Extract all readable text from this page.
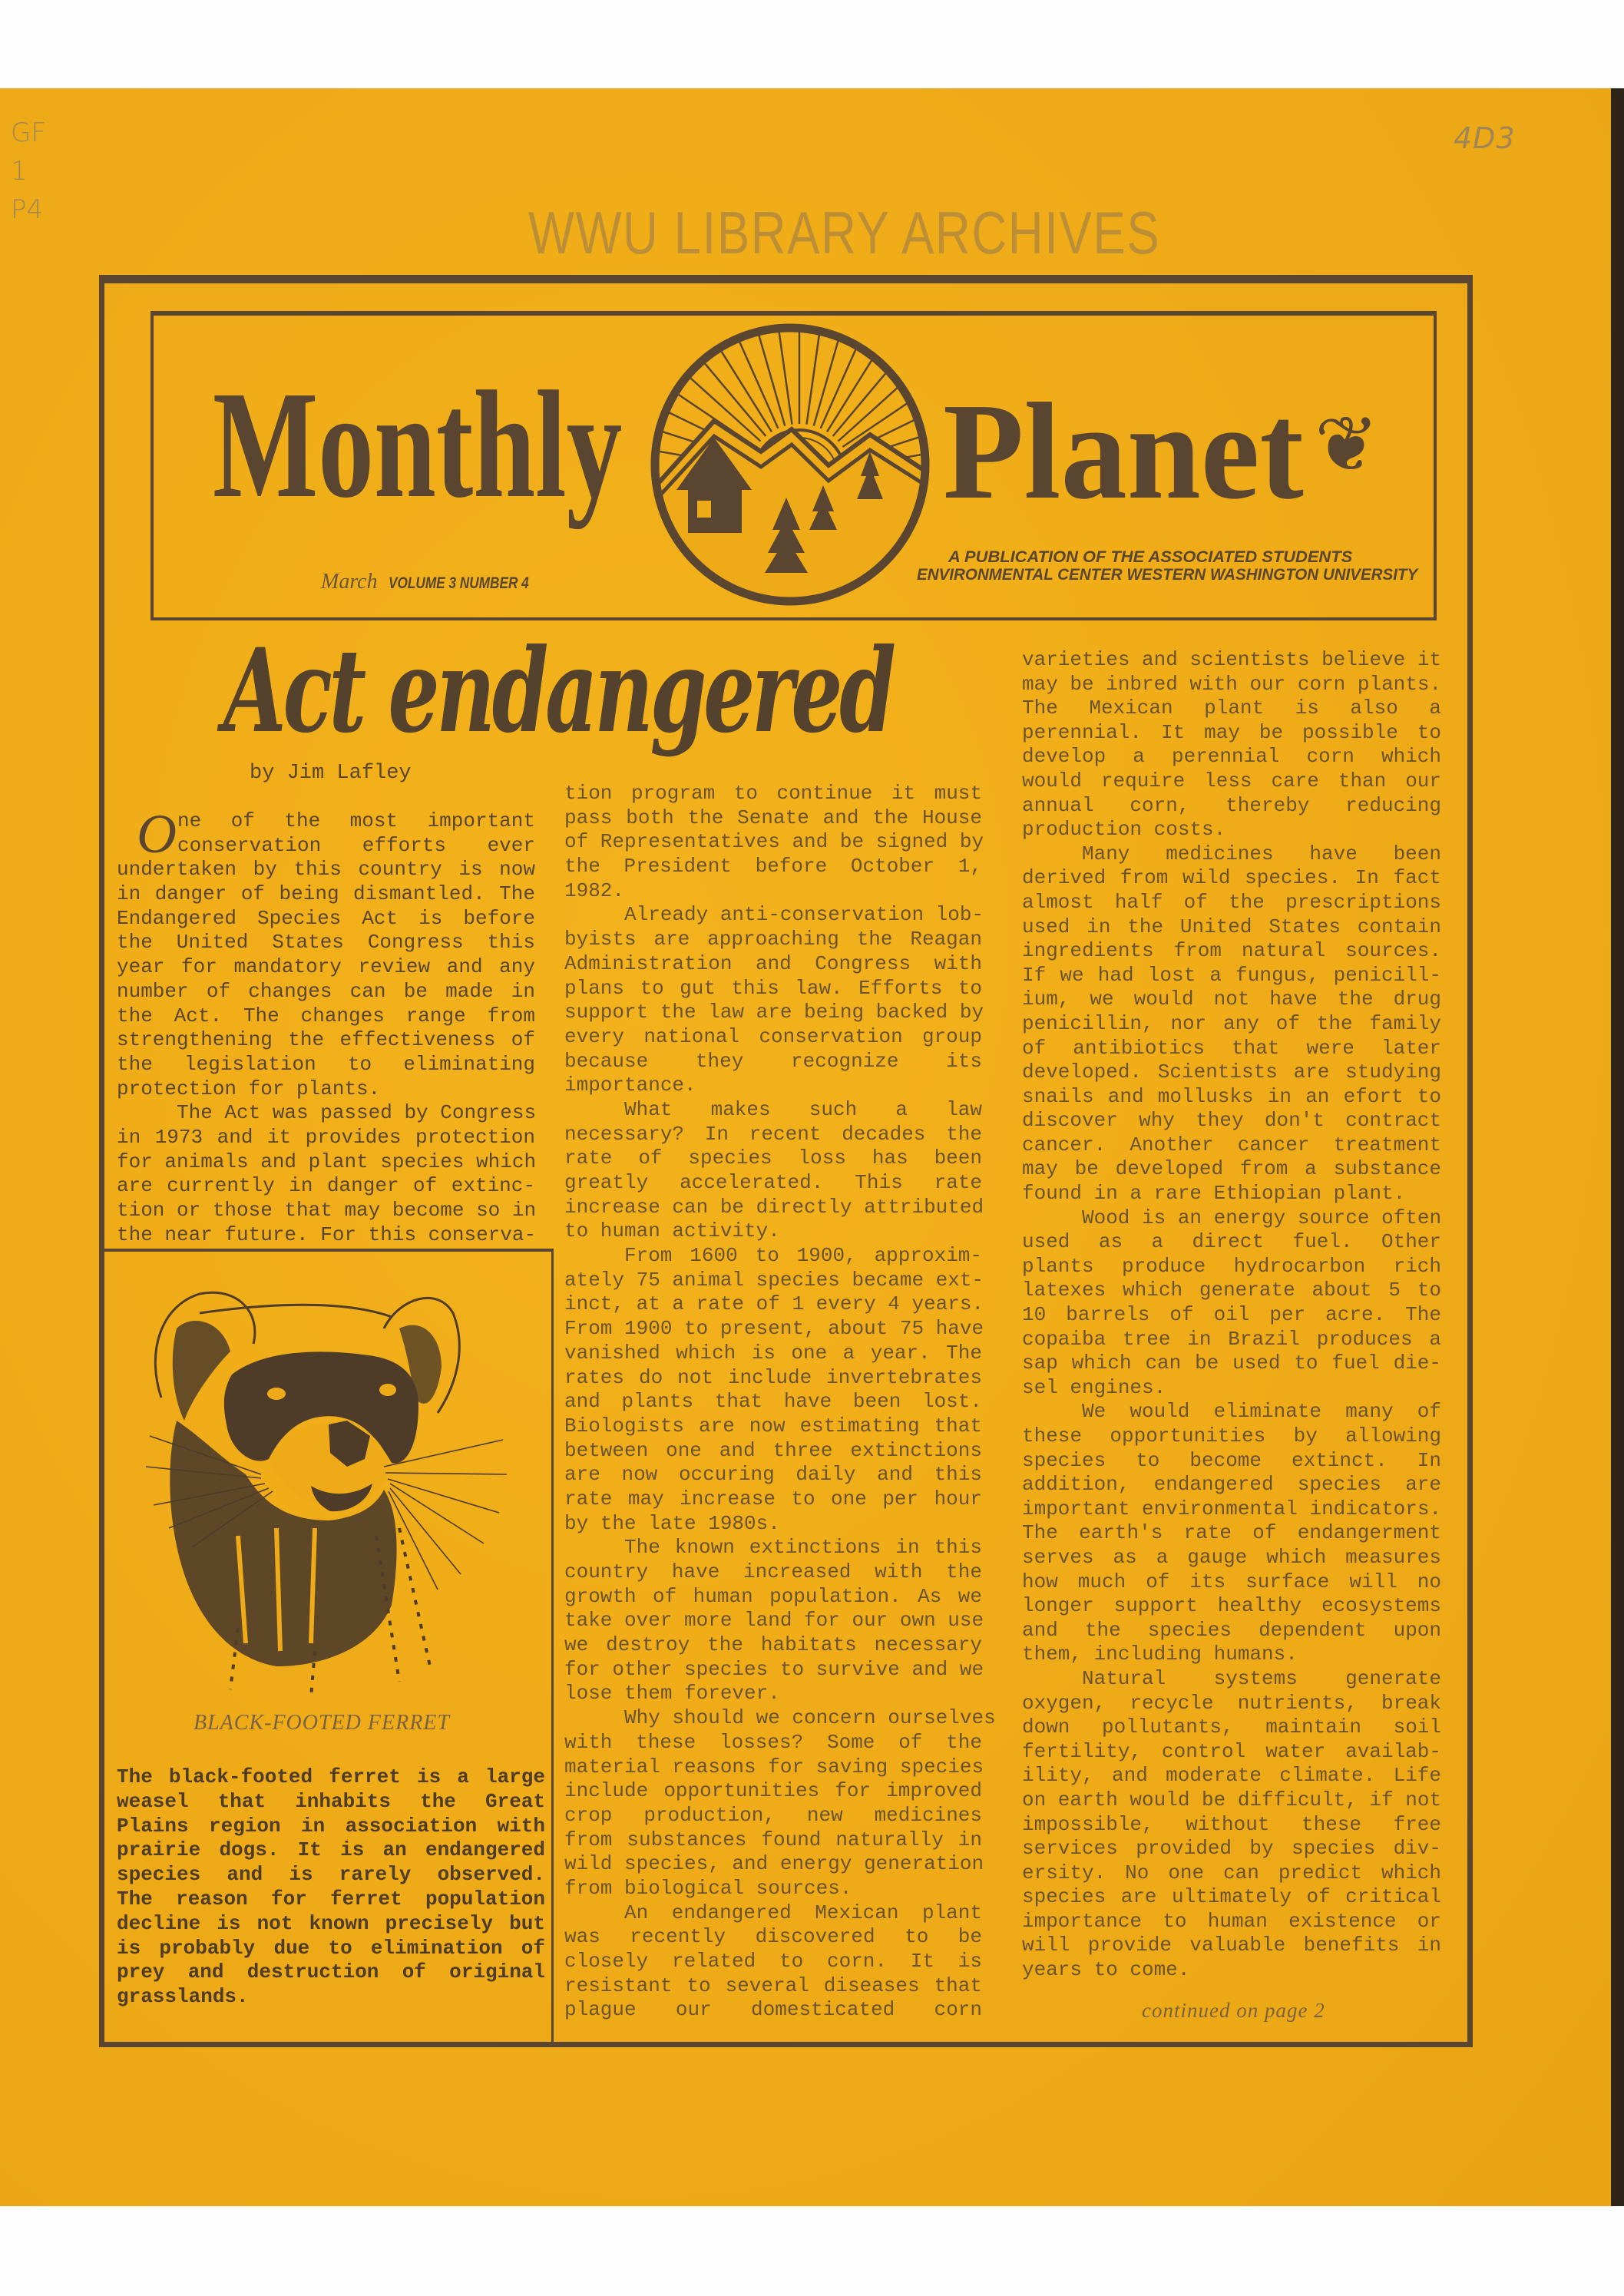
GF
1
P4
4D3
WWU LIBRARY ARCHIVES
Monthly Planet ❦
March VOLUME 3 NUMBER 4
A PUBLICATION OF THE ASSOCIATED STUDENTS
ENVIRONMENTAL CENTER WESTERN WASHINGTON UNIVERSITY
Act endangered
by Jim Lafley
ne of the most important
conservation efforts ever
undertaken by this country is now
in danger of being dismantled. The
Endangered Species Act is before
the United States Congress this
year for mandatory review and any
number of changes can be made in
the Act. The changes range from
strengthening the effectiveness of
the legislation to eliminating
protection for plants.
The Act was passed by Congress
in 1973 and it provides protection
for animals and plant species which
are currently in danger of extinc-
tion or those that may become so in
the near future. For this conserva-
O
tion program to continue it must
pass both the Senate and the House
of Representatives and be signed by
the President before October 1,
1982.
Already anti-conservation lob-
byists are approaching the Reagan
Administration and Congress with
plans to gut this law. Efforts to
support the law are being backed by
every national conservation group
because they recognize its
importance.
What makes such a law
necessary? In recent decades the
rate of species loss has been
greatly accelerated. This rate
increase can be directly attributed
to human activity.
From 1600 to 1900, approxim-
ately 75 animal species became ext-
inct, at a rate of 1 every 4 years.
From 1900 to present, about 75 have
vanished which is one a year. The
rates do not include invertebrates
and plants that have been lost.
Biologists are now estimating that
between one and three extinctions
are now occuring daily and this
rate may increase to one per hour
by the late 1980s.
The known extinctions in this
country have increased with the
growth of human population. As we
take over more land for our own use
we destroy the habitats necessary
for other species to survive and we
lose them forever.
Why should we concern ourselves
with these losses? Some of the
material reasons for saving species
include opportunities for improved
crop production, new medicines
from substances found naturally in
wild species, and energy generation
from biological sources.
An endangered Mexican plant
was recently discovered to be
closely related to corn. It is
resistant to several diseases that
plague our domesticated corn
varieties and scientists believe it
may be inbred with our corn plants.
The Mexican plant is also a
perennial. It may be possible to
develop a perennial corn which
would require less care than our
annual corn, thereby reducing
production costs.
Many medicines have been
derived from wild species. In fact
almost half of the prescriptions
used in the United States contain
ingredients from natural sources.
If we had lost a fungus, penicill-
ium, we would not have the drug
penicillin, nor any of the family
of antibiotics that were later
developed. Scientists are studying
snails and mollusks in an efort to
discover why they don't contract
cancer. Another cancer treatment
may be developed from a substance
found in a rare Ethiopian plant.
Wood is an energy source often
used as a direct fuel. Other
plants produce hydrocarbon rich
latexes which generate about 5 to
10 barrels of oil per acre. The
copaiba tree in Brazil produces a
sap which can be used to fuel die-
sel engines.
We would eliminate many of
these opportunities by allowing
species to become extinct. In
addition, endangered species are
important environmental indicators.
The earth's rate of endangerment
serves as a gauge which measures
how much of its surface will no
longer support healthy ecosystems
and the species dependent upon
them, including humans.
Natural systems generate
oxygen, recycle nutrients, break
down pollutants, maintain soil
fertility, control water availab-
ility, and moderate climate. Life
on earth would be difficult, if not
impossible, without these free
services provided by species div-
ersity. No one can predict which
species are ultimately of critical
importance to human existence or
will provide valuable benefits in
years to come.
BLACK-FOOTED FERRET
The black-footed ferret is a large
weasel that inhabits the Great
Plains region in association with
prairie dogs. It is an endangered
species and is rarely observed.
The reason for ferret population
decline is not known precisely but
is probably due to elimination of
prey and destruction of original
grasslands.
continued on page 2
